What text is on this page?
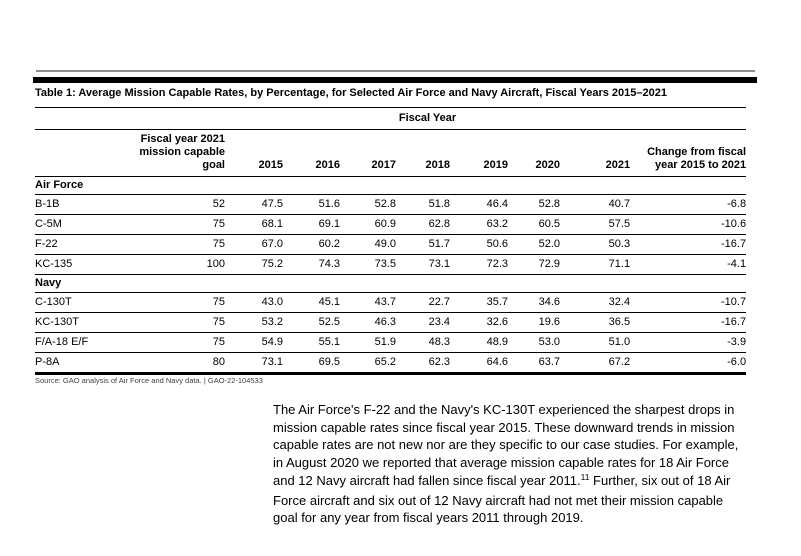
Table 1: Average Mission Capable Rates, by Percentage, for Selected Air Force and Navy Aircraft, Fiscal Years 2015–2021
		Fiscal Year							
	Fiscal year 2021 mission capable goal	2015	2016	2017	2018	2019	2020	2021	Change from fiscal year 2015 to 2021
Air Force									
B-1B	52	47.5	51.6	52.8	51.8	46.4	52.8	40.7	-6.8
C-5M	75	68.1	69.1	60.9	62.8	63.2	60.5	57.5	-10.6
F-22	75	67.0	60.2	49.0	51.7	50.6	52.0	50.3	-16.7
KC-135	100	75.2	74.3	73.5	73.1	72.3	72.9	71.1	-4.1
Navy									
C-130T	75	43.0	45.1	43.7	22.7	35.7	34.6	32.4	-10.7
KC-130T	75	53.2	52.5	46.3	23.4	32.6	19.6	36.5	-16.7
F/A-18 E/F	75	54.9	55.1	51.9	48.3	48.9	53.0	51.0	-3.9
P-8A	80	73.1	69.5	65.2	62.3	64.6	63.7	67.2	-6.0

Source: GAO analysis of Air Force and Navy data. | GAO-22-104533

The Air Force's F-22 and the Navy's KC-130T experienced the sharpest drops in mission capable rates since fiscal year 2015. These downward trends in mission capable rates are not new nor are they specific to our case studies. For example, in August 2020 we reported that average mission capable rates for 18 Air Force and 12 Navy aircraft had fallen since fiscal year 2011.11 Further, six out of 18 Air Force aircraft and six out of 12 Navy aircraft had not met their mission capable goal for any year from fiscal years 2011 through 2019.
